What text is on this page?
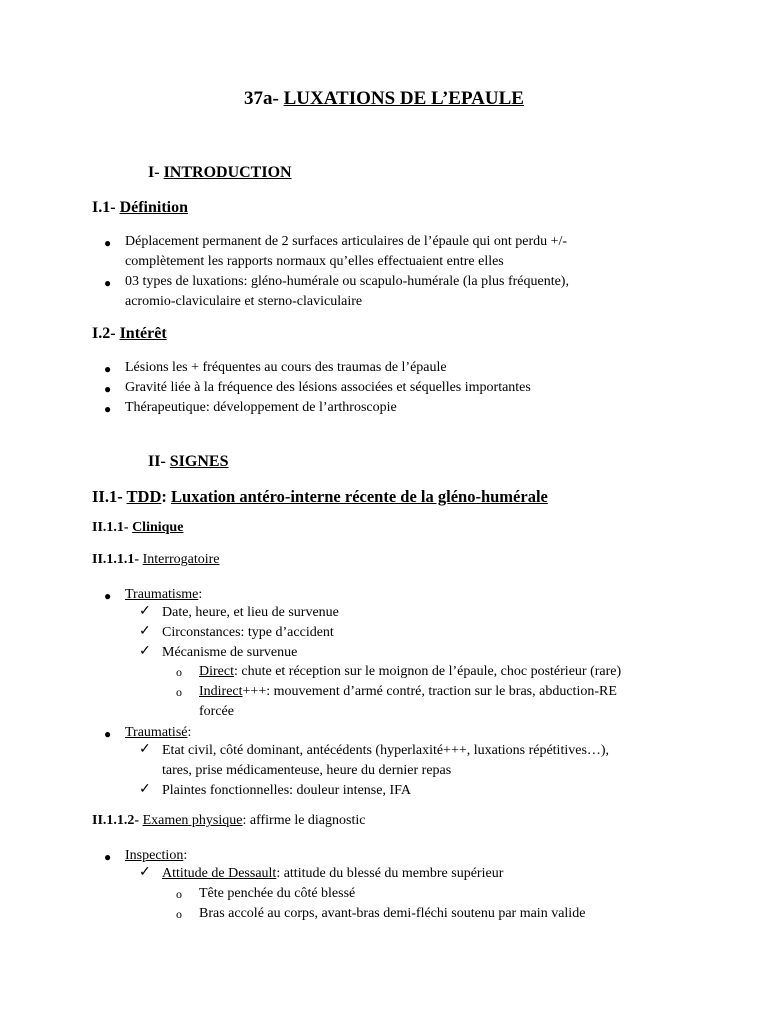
37a- LUXATIONS DE L’EPAULE
I- INTRODUCTION
I.1- Définition
● Déplacement permanent de 2 surfaces articulaires de l’épaule qui ont perdu +/-
complètement les rapports normaux qu’elles effectuaient entre elles
● 03 types de luxations: gléno-humérale ou scapulo-humérale (la plus fréquente),
acromio-claviculaire et sterno-claviculaire
I.2- Intérêt
● Lésions les + fréquentes au cours des traumas de l’épaule
● Gravité liée à la fréquence des lésions associées et séquelles importantes
● Thérapeutique: développement de l’arthroscopie
II- SIGNES
II.1- TDD: Luxation antéro-interne récente de la gléno-humérale
II.1.1- Clinique
II.1.1.1- Interrogatoire
● Traumatisme:
✓ Date, heure, et lieu de survenue
✓ Circonstances: type d’accident
✓ Mécanisme de survenue
o Direct: chute et réception sur le moignon de l’épaule, choc postérieur (rare)
o Indirect+++: mouvement d’armé contré, traction sur le bras, abduction-RE
forcée
● Traumatisé:
✓ Etat civil, côté dominant, antécédents (hyperlaxité+++, luxations répétitives…),
tares, prise médicamenteuse, heure du dernier repas
✓ Plaintes fonctionnelles: douleur intense, IFA
II.1.1.2- Examen physique: affirme le diagnostic
● Inspection:
✓ Attitude de Dessault: attitude du blessé du membre supérieur
o Tête penchée du côté blessé
o Bras accolé au corps, avant-bras demi-fléchi soutenu par main valide
